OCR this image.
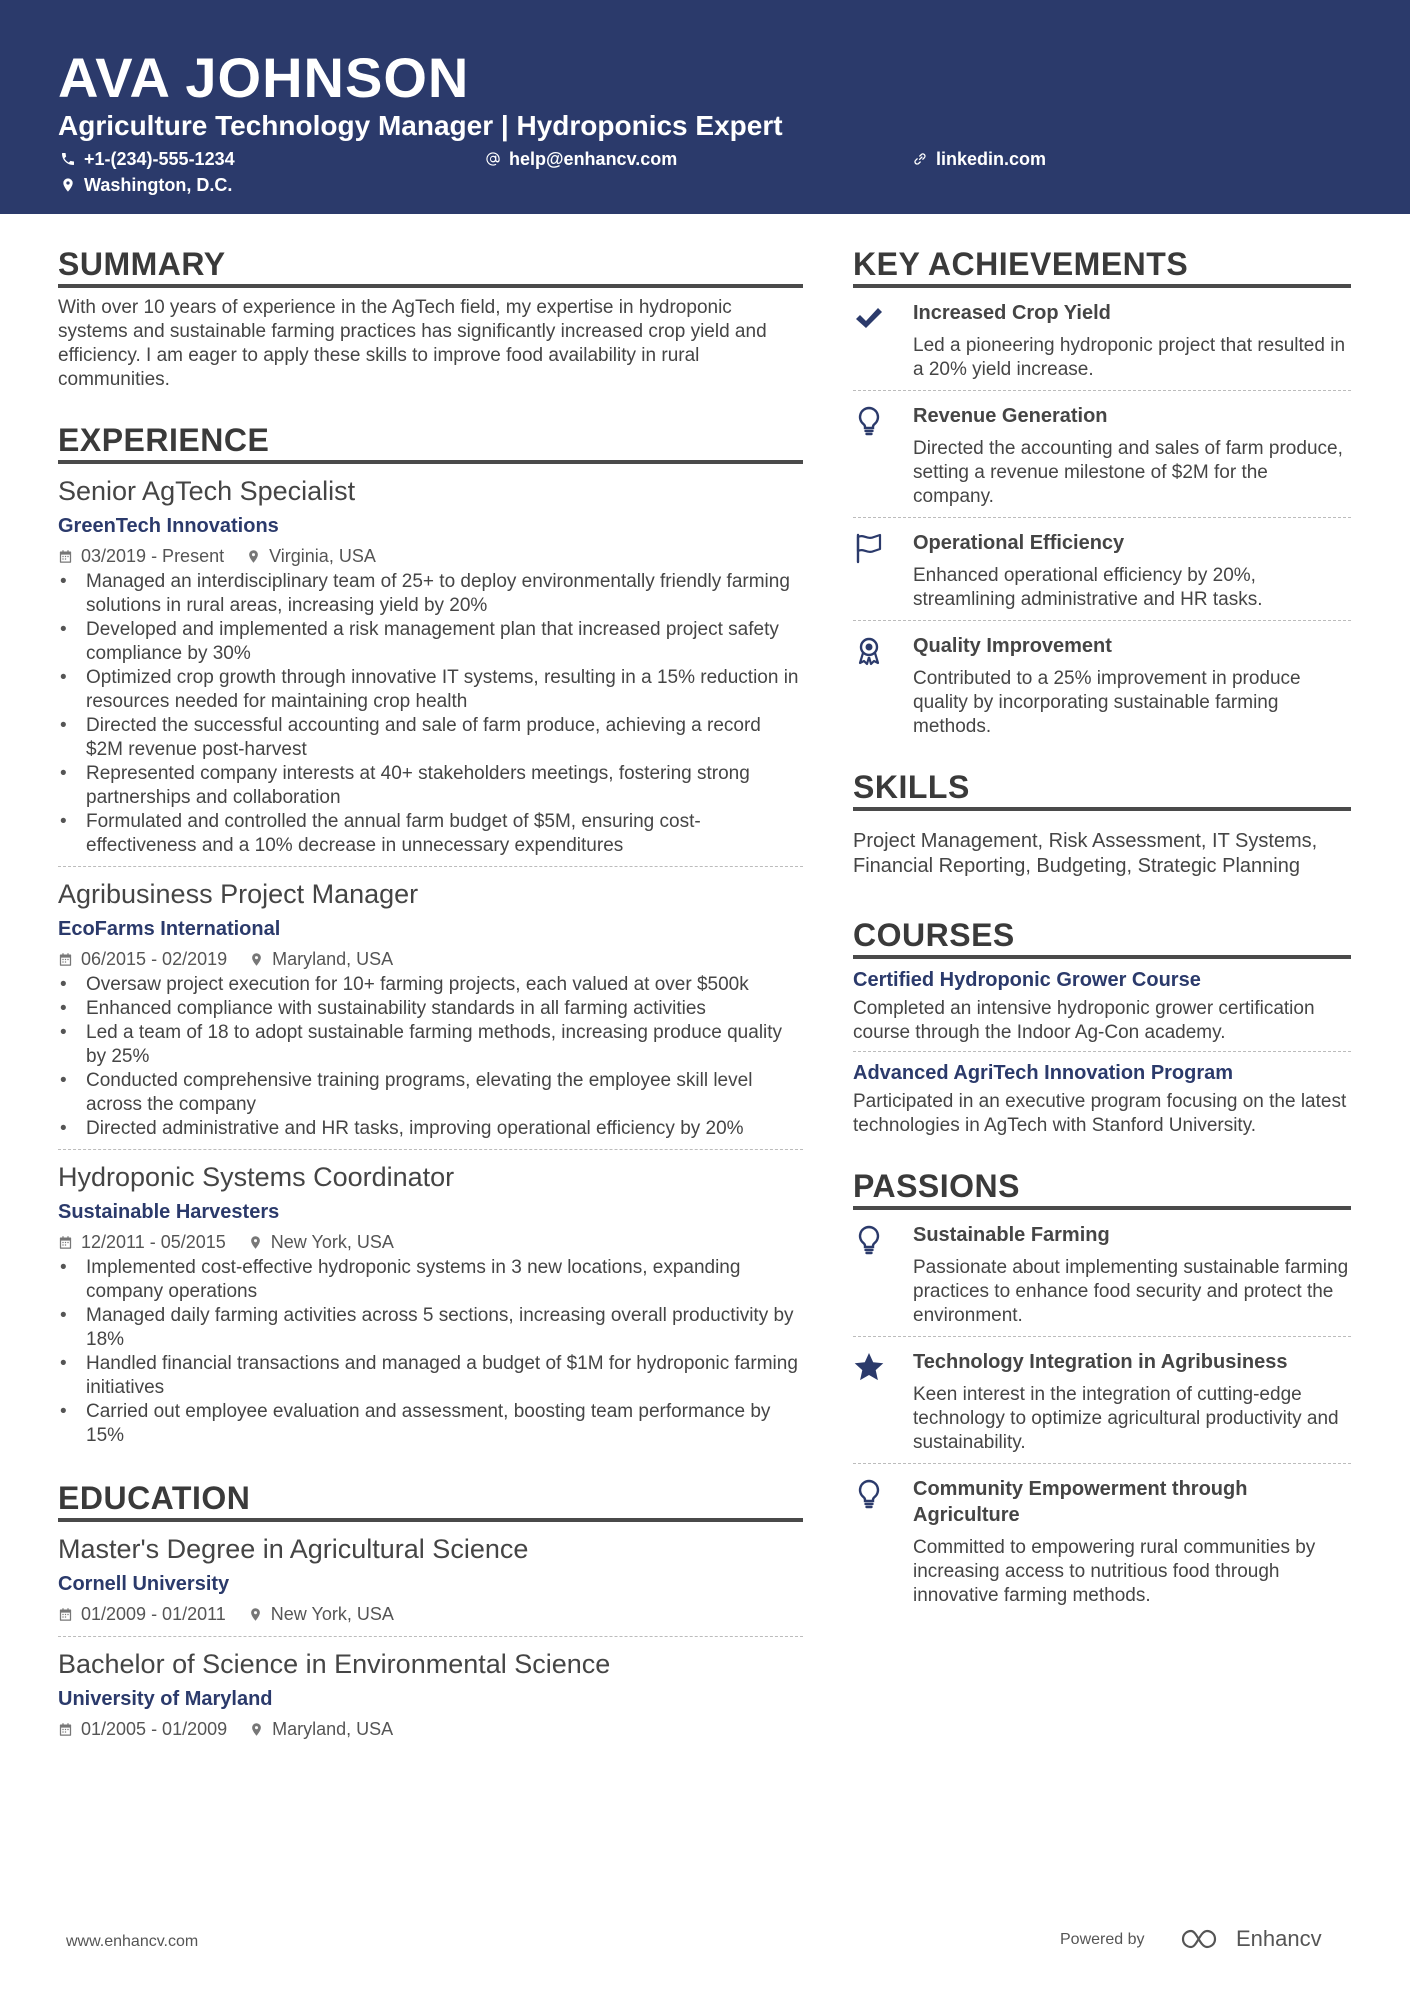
AVA JOHNSON
Agriculture Technology Manager | Hydroponics Expert
+1-(234)-555-1234	help@enhancv.com	linkedin.com
Washington, D.C.
SUMMARY

With over 10 years of experience in the AgTech field, my expertise in hydroponic systems and sustainable farming practices has significantly increased crop yield and efficiency. I am eager to apply these skills to improve food availability in rural communities.

EXPERIENCE
Senior AgTech Specialist
GreenTech Innovations
03/2019 - Present	Virginia, USA
• Managed an interdisciplinary team of 25+ to deploy environmentally friendly farming solutions in rural areas, increasing yield by 20%
• Developed and implemented a risk management plan that increased project safety compliance by 30%
• Optimized crop growth through innovative IT systems, resulting in a 15% reduction in resources needed for maintaining crop health
• Directed the successful accounting and sale of farm produce, achieving a record $2M revenue post-harvest
• Represented company interests at 40+ stakeholders meetings, fostering strong partnerships and collaboration
• Formulated and controlled the annual farm budget of $5M, ensuring cost-effectiveness and a 10% decrease in unnecessary expenditures
Agribusiness Project Manager
EcoFarms International
06/2015 - 02/2019	Maryland, USA
• Oversaw project execution for 10+ farming projects, each valued at over $500k
• Enhanced compliance with sustainability standards in all farming activities
• Led a team of 18 to adopt sustainable farming methods, increasing produce quality by 25%
• Conducted comprehensive training programs, elevating the employee skill level across the company
• Directed administrative and HR tasks, improving operational efficiency by 20%
Hydroponic Systems Coordinator
Sustainable Harvesters
12/2011 - 05/2015	New York, USA
• Implemented cost-effective hydroponic systems in 3 new locations, expanding company operations
• Managed daily farming activities across 5 sections, increasing overall productivity by 18%
• Handled financial transactions and managed a budget of $1M for hydroponic farming initiatives
• Carried out employee evaluation and assessment, boosting team performance by 15%
EDUCATION
Master's Degree in Agricultural Science
Cornell University
01/2009 - 01/2011	New York, USA
Bachelor of Science in Environmental Science
University of Maryland
01/2005 - 01/2009	Maryland, USA
KEY ACHIEVEMENTS
Increased Crop Yield
Led a pioneering hydroponic project that resulted in a 20% yield increase.
Revenue Generation
Directed the accounting and sales of farm produce, setting a revenue milestone of $2M for the company.
Operational Efficiency
Enhanced operational efficiency by 20%, streamlining administrative and HR tasks.
Quality Improvement
Contributed to a 25% improvement in produce quality by incorporating sustainable farming methods.
SKILLS
Project Management, Risk Assessment, IT Systems, Financial Reporting, Budgeting, Strategic Planning
COURSES
Certified Hydroponic Grower Course
Completed an intensive hydroponic grower certification course through the Indoor Ag-Con academy.
Advanced AgriTech Innovation Program
Participated in an executive program focusing on the latest technologies in AgTech with Stanford University.
PASSIONS
Sustainable Farming
Passionate about implementing sustainable farming practices to enhance food security and protect the environment.
Technology Integration in Agribusiness
Keen interest in the integration of cutting-edge technology to optimize agricultural productivity and sustainability.
Community Empowerment through Agriculture
Committed to empowering rural communities by increasing access to nutritious food through innovative farming methods.
www.enhancv.com	Powered by	Enhancv
